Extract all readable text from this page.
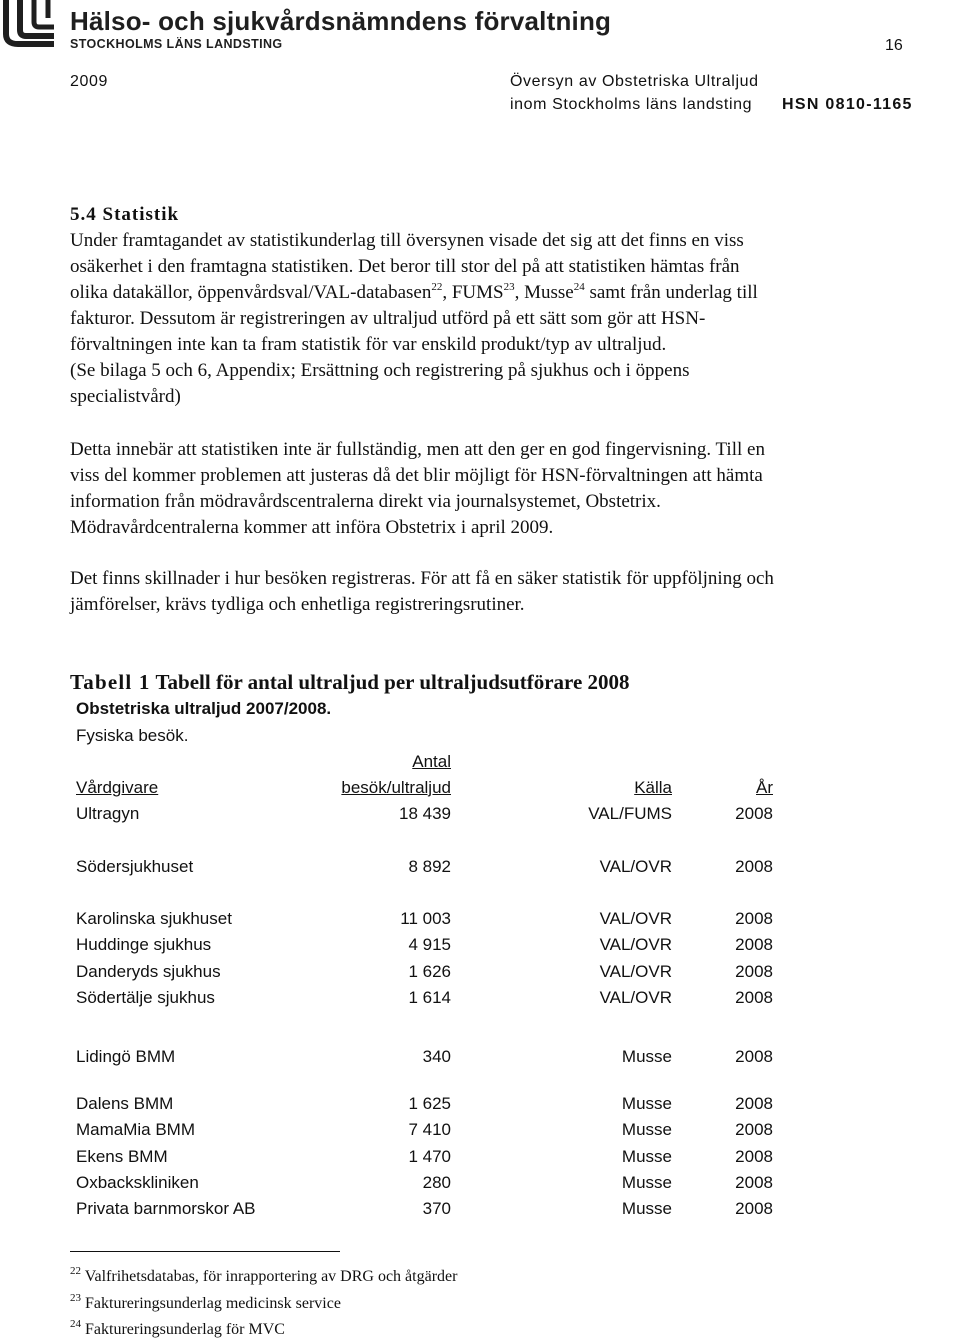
Hälso- och sjukvårdsnämndens förvaltning
STOCKHOLMS LÄNS LANDSTING	16
2009	Översyn av Obstetriska Ultraljud
inom Stockholms läns landsting HSN 0810-1165
5.4 Statistik
Under framtagandet av statistikunderlag till översynen visade det sig att det finns en viss
osäkerhet i den framtagna statistiken. Det beror till stor del på att statistiken hämtas från
olika datakällor, öppenvårdsval/VAL-databasen$^{22}$, FUMS$^{23}$, Musse$^{24}$ samt från underlag till
fakturor. Dessutom är registreringen av ultraljud utförd på ett sätt som gör att HSN-
förvaltningen inte kan ta fram statistik för var enskild produkt/typ av ultraljud.
(Se bilaga 5 och 6, Appendix; Ersättning och registrering på sjukhus och i öppens
specialistvård)
Detta innebär att statistiken inte är fullständig, men att den ger en god fingervisning. Till en
viss del kommer problemen att justeras då det blir möjligt för HSN-förvaltningen att hämta
information från mödravårdscentralerna direkt via journalsystemet, Obstetrix.
Mödravårdcentralerna kommer att införa Obstetrix i april 2009.
Det finns skillnader i hur besöken registreras. För att få en säker statistik för uppföljning och
jämförelser, krävs tydliga och enhetliga registreringsrutiner.
Tabell 1 Tabell för antal ultraljud per ultraljudsutförare 2008
Obstetriska ultraljud 2007/2008.
Fysiska besök.
Antal
Vårdgivare	besök/ultraljud	Källa	År
Ultragyn	18 439	VAL/FUMS	2008
Södersjukhuset	8 892	VAL/OVR	2008
Karolinska sjukhuset	11 003	VAL/OVR	2008
Huddinge sjukhus	4 915	VAL/OVR	2008
Danderyds sjukhus	1 626	VAL/OVR	2008
Södertälje sjukhus	1 614	VAL/OVR	2008
Lidingö BMM	340	Musse	2008
Dalens BMM	1 625	Musse	2008
MamaMia BMM	7 410	Musse	2008
Ekens BMM	1 470	Musse	2008
Oxbackskliniken	280	Musse	2008
Privata barnmorskor AB	370	Musse	2008
$^{22}$ Valfrihetsdatabas, för inrapportering av DRG och åtgärder
$^{23}$ Faktureringsunderlag medicinsk service
$^{24}$ Faktureringsunderlag för MVC
